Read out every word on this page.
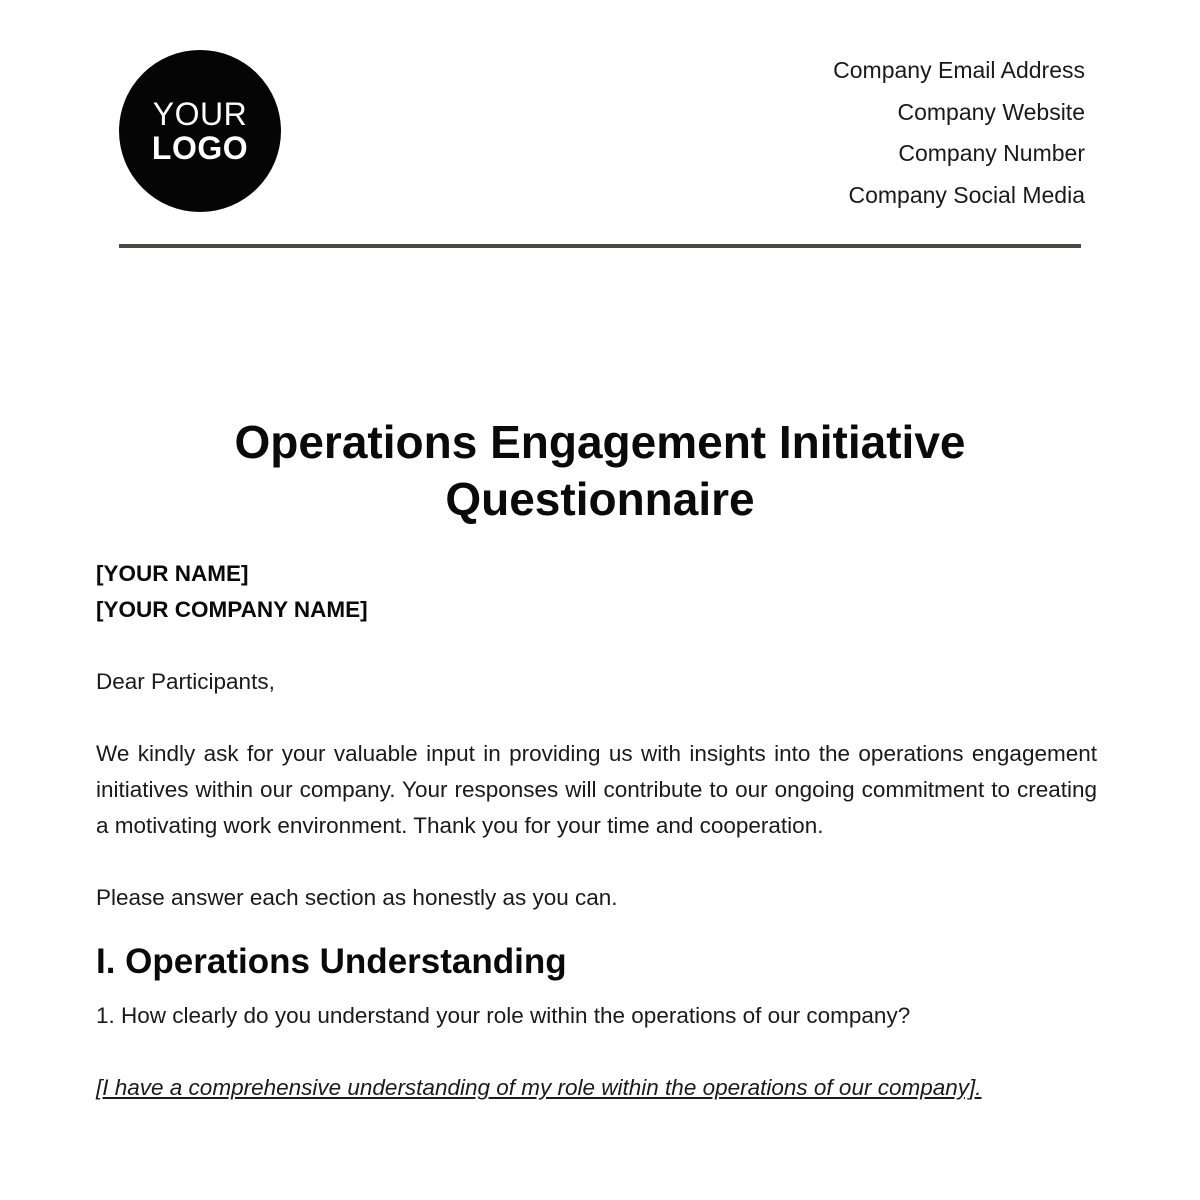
YOUR
LOGO
Company Email Address
Company Website
Company Number
Company Social Media
Operations Engagement Initiative Questionnaire
[YOUR NAME]
[YOUR COMPANY NAME]

Dear Participants,

We kindly ask for your valuable input in providing us with insights into the operations engagement initiatives within our company. Your responses will contribute to our ongoing commitment to creating a motivating work environment. Thank you for your time and cooperation.

Please answer each section as honestly as you can.

I. Operations Understanding

1. How clearly do you understand your role within the operations of our company?

[I have a comprehensive understanding of my role within the operations of our company].
